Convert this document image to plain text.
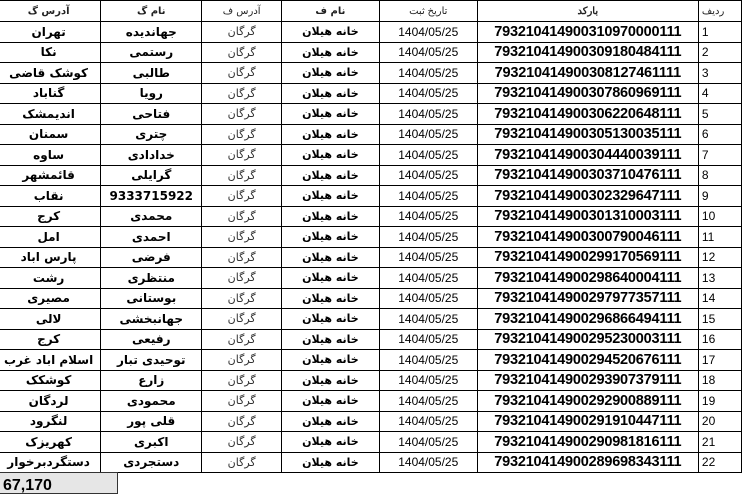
آدرس گ	نام گ	آدرس ف	نام ف	تاریخ ثبت	بارکد	ردیف
تهران	جهاندیده	گرگان	خانه هیلان	1404/05/25	793210414900310970000111	1
نکا	رستمی	گرگان	خانه هیلان	1404/05/25	793210414900309180484111	2
کوشک قاضی	طالبی	گرگان	خانه هیلان	1404/05/25	793210414900308127461111	3
گناباد	رویا	گرگان	خانه هیلان	1404/05/25	793210414900307860969111	4
اندیمشک	فتاحی	گرگان	خانه هیلان	1404/05/25	793210414900306220648111	5
سمنان	چتری	گرگان	خانه هیلان	1404/05/25	793210414900305130035111	6
ساوه	خدادادی	گرگان	خانه هیلان	1404/05/25	793210414900304440039111	7
قائمشهر	گرایلی	گرگان	خانه هیلان	1404/05/25	793210414900303710476111	8
نقاب	9333715922	گرگان	خانه هیلان	1404/05/25	793210414900302329647111	9
کرج	محمدی	گرگان	خانه هیلان	1404/05/25	793210414900301310003111	10
امل	احمدی	گرگان	خانه هیلان	1404/05/25	793210414900300790046111	11
پارس اباد	فرضی	گرگان	خانه هیلان	1404/05/25	793210414900299170569111	12
رشت	منتظری	گرگان	خانه هیلان	1404/05/25	793210414900298640004111	13
مصیری	بوستانی	گرگان	خانه هیلان	1404/05/25	793210414900297977357111	14
لالی	جهانبخشی	گرگان	خانه هیلان	1404/05/25	793210414900296866494111	15
کرج	رفیعی	گرگان	خانه هیلان	1404/05/25	793210414900295230003111	16
اسلام اباد غرب	توحیدی تبار	گرگان	خانه هیلان	1404/05/25	793210414900294520676111	17
کوشکک	زارع	گرگان	خانه هیلان	1404/05/25	793210414900293907379111	18
لردگان	محمودی	گرگان	خانه هیلان	1404/05/25	793210414900292900889111	19
لنگرود	قلی پور	گرگان	خانه هیلان	1404/05/25	793210414900291910447111	20
کهریزک	اکبری	گرگان	خانه هیلان	1404/05/25	793210414900290981816111	21
دستگردبرخوار	دستجردی	گرگان	خانه هیلان	1404/05/25	793210414900289698343111	22
67,170
